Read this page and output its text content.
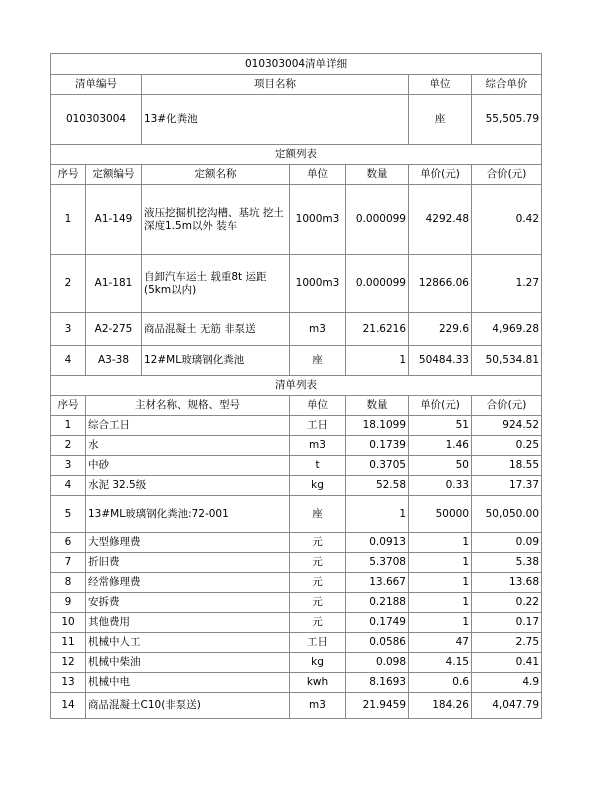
010303004清单详细						
清单编号		项目名称			单位	综合单价
010303004		13#化粪池			座	55,505.79
定额列表						
序号	定额编号	定额名称	单位	数量	单价(元)	合价(元)
1	A1-149	液压挖掘机挖沟槽、基坑 挖土深度1.5m以外 装车	1000m3	0.000099	4292.48	0.42
2	A1-181	自卸汽车运土 载重8t 运距(5km以内)	1000m3	0.000099	12866.06	1.27
3	A2-275	商品混凝土 无筋 非泵送	m3	21.6216	229.6	4,969.28
4	A3-38	12#ML玻璃钢化粪池	座	1	50484.33	50,534.81
清单列表						
序号	主材名称、规格、型号		单位	数量	单价(元)	合价(元)
1	综合工日		工日	18.1099	51	924.52
2	水		m3	0.1739	1.46	0.25
3	中砂		t	0.3705	50	18.55
4	水泥 32.5级		kg	52.58	0.33	17.37
5	13#ML玻璃钢化粪池:72-001		座	1	50000	50,050.00
6	大型修理费		元	0.0913	1	0.09
7	折旧费		元	5.3708	1	5.38
8	经常修理费		元	13.667	1	13.68
9	安拆费		元	0.2188	1	0.22
10	其他费用		元	0.1749	1	0.17
11	机械中人工		工日	0.0586	47	2.75
12	机械中柴油		kg	0.098	4.15	0.41
13	机械中电		kwh	8.1693	0.6	4.9
14	商品混凝土C10(非泵送)		m3	21.9459	184.26	4,047.79
